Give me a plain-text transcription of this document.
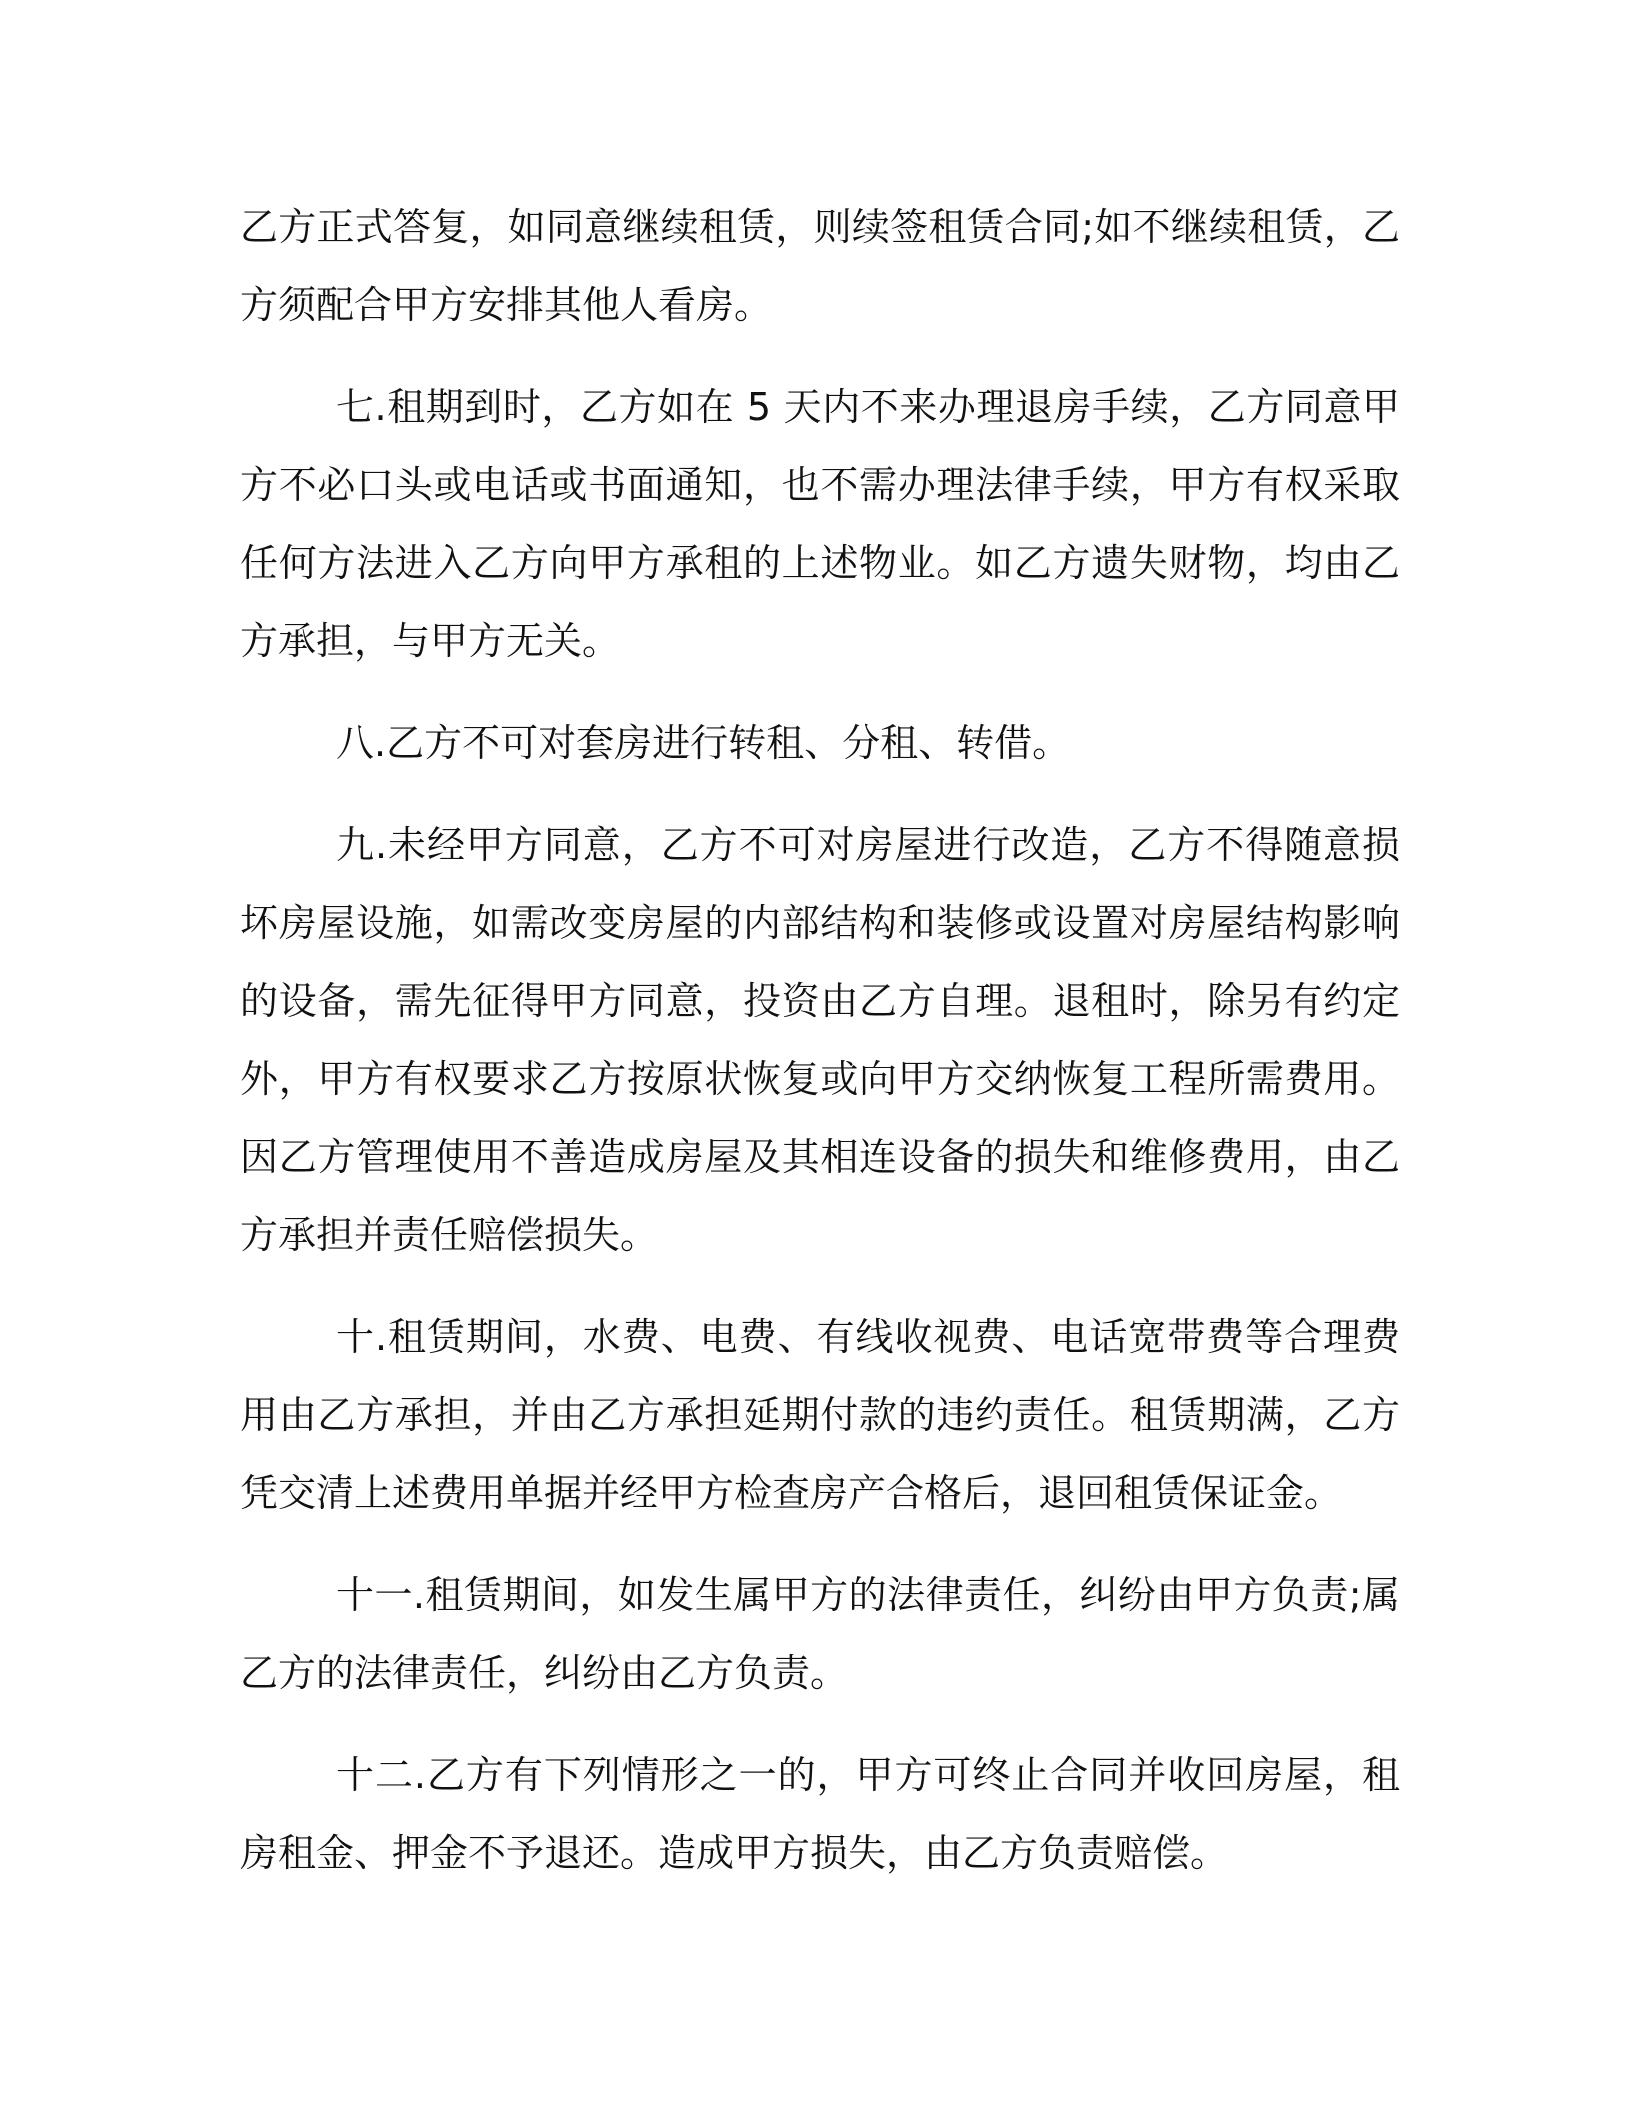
乙方正式答复，如同意继续租赁，则续签租赁合同;如不继续租赁，乙方须配合甲方安排其他人看房。

七.租期到时，乙方如在 5 天内不来办理退房手续，乙方同意甲方不必口头或电话或书面通知，也不需办理法律手续，甲方有权采取任何方法进入乙方向甲方承租的上述物业。如乙方遗失财物，均由乙方承担，与甲方无关。

八.乙方不可对套房进行转租、分租、转借。

九.未经甲方同意，乙方不可对房屋进行改造，乙方不得随意损坏房屋设施，如需改变房屋的内部结构和装修或设置对房屋结构影响的设备，需先征得甲方同意，投资由乙方自理。退租时，除另有约定外，甲方有权要求乙方按原状恢复或向甲方交纳恢复工程所需费用。因乙方管理使用不善造成房屋及其相连设备的损失和维修费用，由乙方承担并责任赔偿损失。

十.租赁期间，水费、电费、有线收视费、电话宽带费等合理费用由乙方承担，并由乙方承担延期付款的违约责任。租赁期满，乙方凭交清上述费用单据并经甲方检查房产合格后，退回租赁保证金。

十一.租赁期间，如发生属甲方的法律责任，纠纷由甲方负责;属乙方的法律责任，纠纷由乙方负责。

十二.乙方有下列情形之一的，甲方可终止合同并收回房屋，租房租金、押金不予退还。造成甲方损失，由乙方负责赔偿。
